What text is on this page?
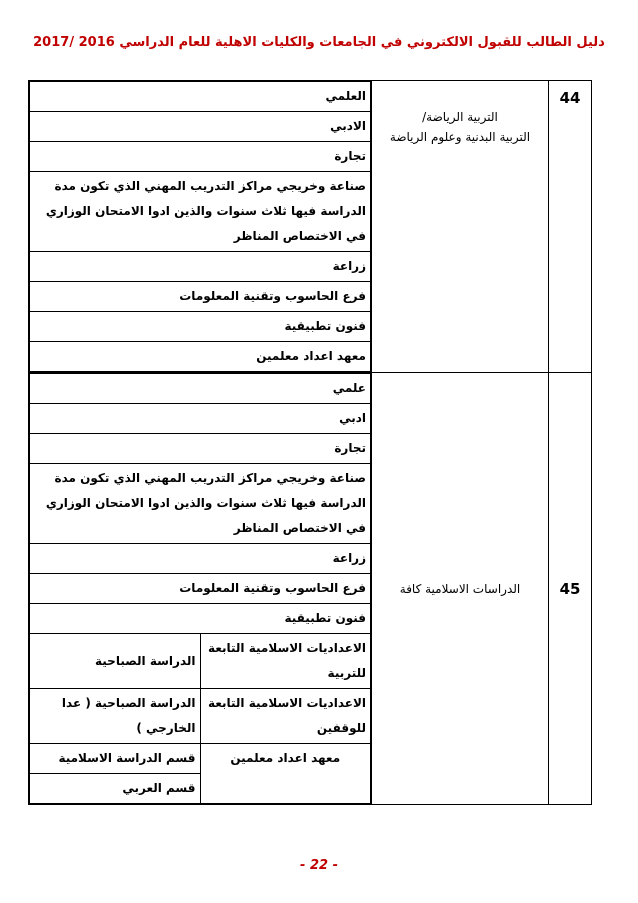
دليل الطالب للقبول الالكتروني في الجامعات والكليات الاهلية للعام الدراسي 2016 /2017
44	
التربية الرياضة/
التربية البدنية وعلوم الرياضة

العلمي
الادبي
تجارة
صناعة وخريجي مراكز التدريب المهني الذي تكون مدة الدراسة فيها ثلاث سنوات والذين ادوا الامتحان الوزاري في الاختصاص المناظر
زراعة
فرع الحاسوب وتقنية المعلومات
فنون تطبيقية
معهد اعداد معلمين

45	
الدراسات الاسلامية كافة

علمي
ادبي
تجارة
صناعة وخريجي مراكز التدريب المهني الذي تكون مدة الدراسة فيها ثلاث سنوات والذين ادوا الامتحان الوزاري في الاختصاص المناظر
زراعة
فرع الحاسوب وتقنية المعلومات
فنون تطبيقية
الاعداديات الاسلامية التابعة للتربية	الدراسة الصباحية
الاعداديات الاسلامية التابعة للوقفين	الدراسة الصباحية ( عدا الخارجي )
معهد اعداد معلمين	قسم الدراسة الاسلامية
قسم العربي
- 22 -
